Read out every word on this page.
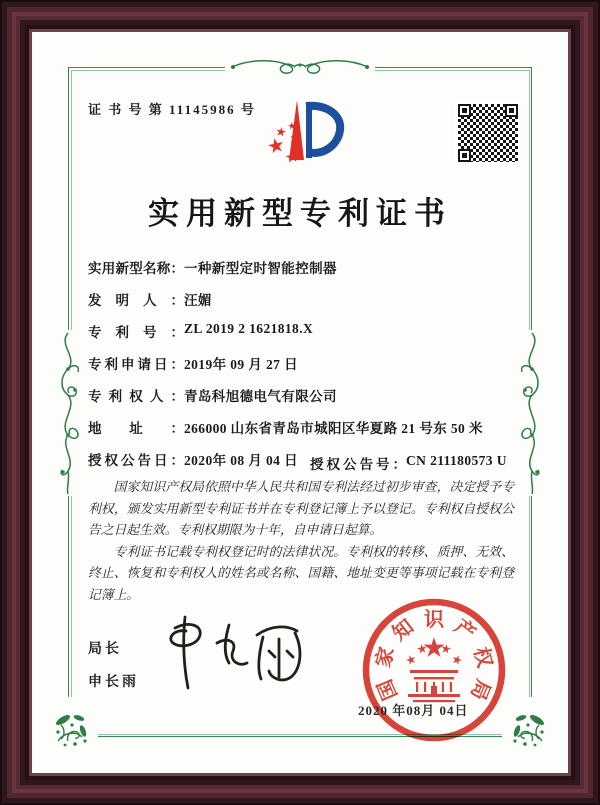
证 书 号 第 11145986 号
实用新型专利证书
实用新型名称：一种新型定时智能控制器
发明人：汪媚
专利号：ZL 2019 2 1621818.X
专利申请日：2019年 09 月 27 日
专利权人：青岛科旭德电气有限公司
地址：266000 山东省青岛市城阳区华夏路 21 号东 50 米
授权公告日：2020年 08 月 04 日 授权公告号：CN 211180573 U

国家知识产权局依照中华人民共和国专利法经过初步审查，决定授予专利权，颁发实用新型专利证书并在专利登记簿上予以登记。专利权自授权公告之日起生效。专利权期限为十年，自申请日起算。

专利证书记载专利权登记时的法律状况。专利权的转移、质押、无效、终止、恢复和专利权人的姓名或名称、国籍、地址变更等事项记载在专利登记簿上。

局长
申长雨	国
家
知 识 产
权
局
2020 年08月 04日
